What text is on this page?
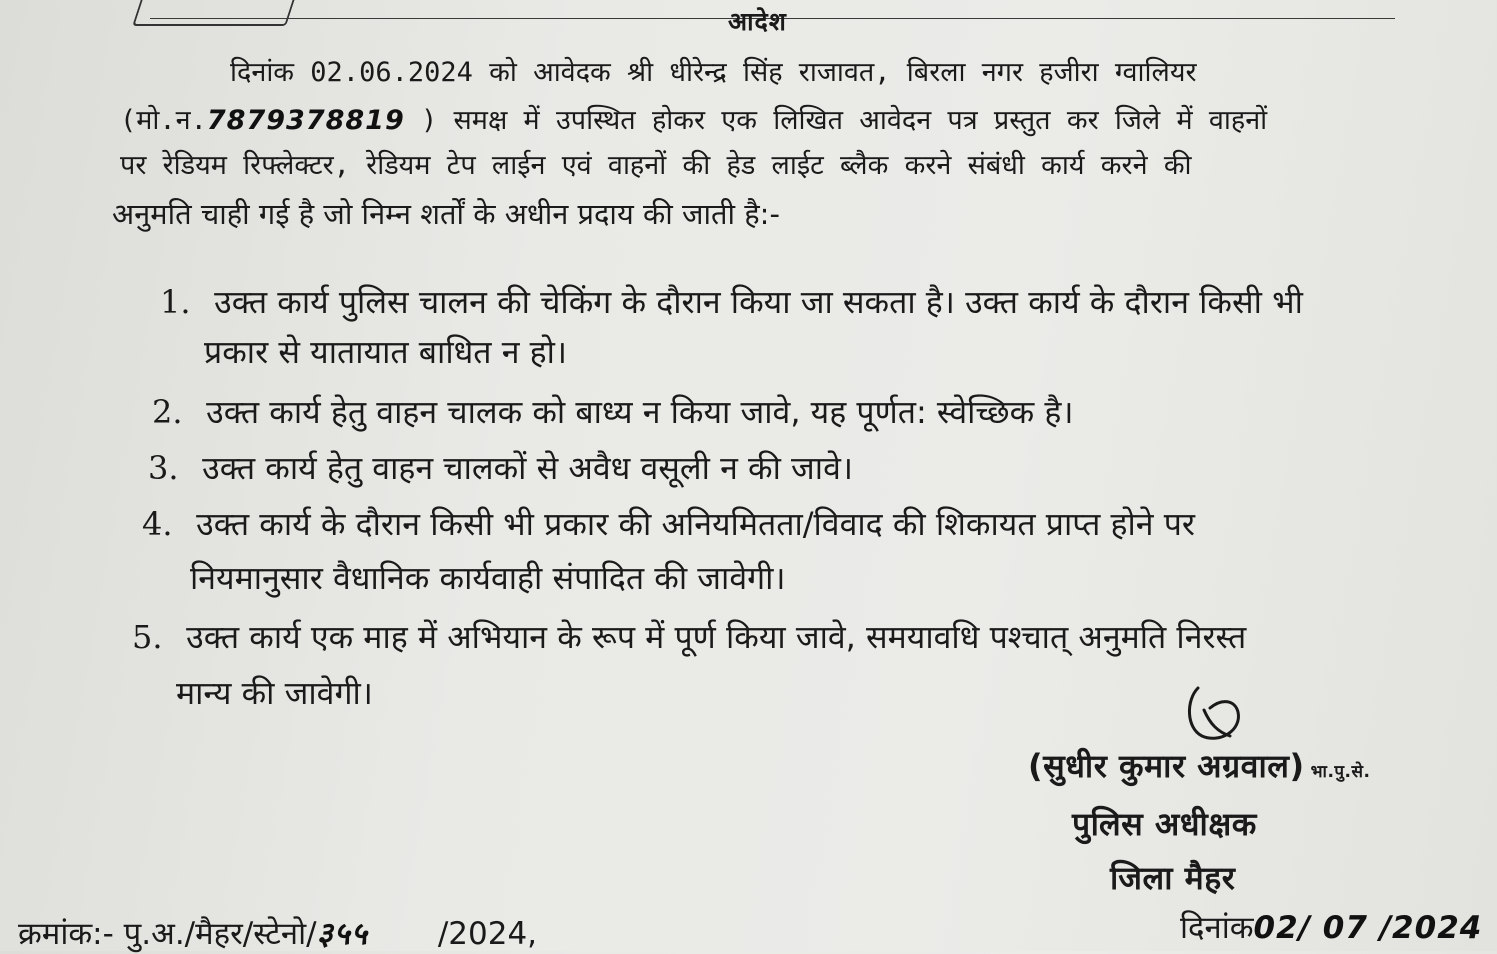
आदेश
दिनांक 02.06.2024 को आवेदक श्री धीरेन्द्र सिंह राजावत, बिरला नगर हजीरा ग्वालियर
(मो.न.7879378819 ) समक्ष में उपस्थित होकर एक लिखित आवेदन पत्र प्रस्तुत कर जिले में वाहनों
पर रेडियम रिफ्लेक्टर, रेडियम टेप लाईन एवं वाहनों की हेड लाईट ब्लैक करने संबंधी कार्य करने की
अनुमति चाही गई है जो निम्न शर्तों के अधीन प्रदाय की जाती है:-
1. उक्त कार्य पुलिस चालन की चेकिंग के दौरान किया जा सकता है। उक्त कार्य के दौरान किसी भी
प्रकार से यातायात बाधित न हो।
2. उक्त कार्य हेतु वाहन चालक को बाध्य न किया जावे, यह पूर्णत: स्वेच्छिक है।
3. उक्त कार्य हेतु वाहन चालकों से अवैध वसूली न की जावे।
4. उक्त कार्य के दौरान किसी भी प्रकार की अनियमितता/विवाद की शिकायत प्राप्त होने पर
नियमानुसार वैधानिक कार्यवाही संपादित की जावेगी।
5. उक्त कार्य एक माह में अभियान के रूप में पूर्ण किया जावे, समयावधि पश्चात् अनुमति निरस्त
मान्य की जावेगी।
(सुधीर कुमार अग्रवाल) भा.पु.से.
पुलिस अधीक्षक
जिला मैहर
क्रमांक:- पु.अ./मैहर/स्टेनो/३५५ /2024,	दिनांक02/ 07 /2024
